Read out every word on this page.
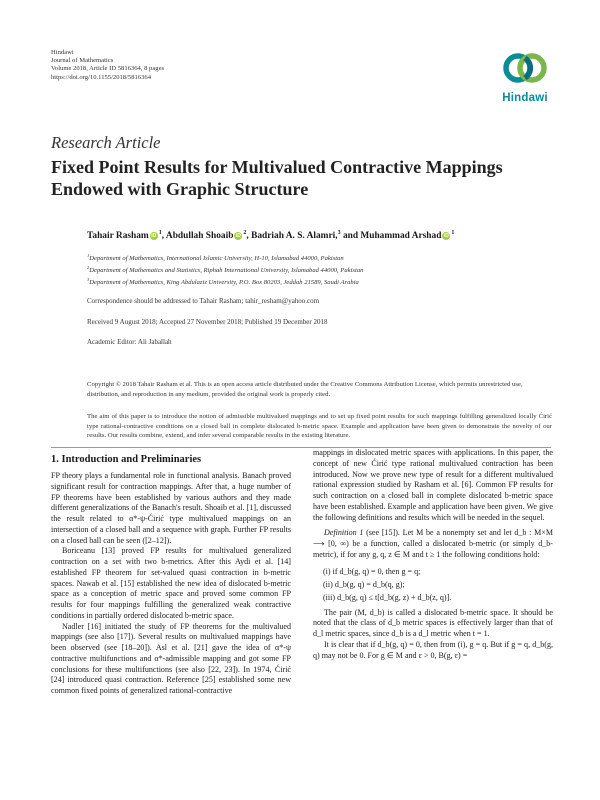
Hindawi
Journal of Mathematics
Volume 2018, Article ID 5816364, 8 pages
https://doi.org/10.1155/2018/5816364
Hindawi
Research Article
Fixed Point Results for Multivalued Contractive Mappings Endowed with Graphic Structure
Tahair Rasham $iD^1$, Abdullah Shoaib $iD^2$, Badriah A. S. Alamri,$^3$ and Muhammad Arshad $iD^1$
$^1$Department of Mathematics, International Islamic University, H-10, Islamabad 44000, Pakistan
$^2$Department of Mathematics and Statistics, Riphah International University, Islamabad 44000, Pakistan
$^3$Department of Mathematics, King Abdulaziz University, P.O. Box 80203, Jeddah 21589, Saudi Arabia
Correspondence should be addressed to Tahair Rasham; tahir_resham@yahoo.com
Received 9 August 2018; Accepted 27 November 2018; Published 19 December 2018
Academic Editor: Ali Jaballah
Copyright © 2018 Tahair Rasham et al. This is an open access article distributed under the Creative Commons Attribution License, which permits unrestricted use, distribution, and reproduction in any medium, provided the original work is properly cited.
The aim of this paper is to introduce the notion of admissible multivalued mappings and to set up fixed point results for such mappings fulfilling generalized locally Ćirić type rational-contractive conditions on a closed ball in complete dislocated b-metric space. Example and application have been given to demonstrate the novelty of our results. Our results combine, extend, and infer several comparable results in the existing literature.
1. Introduction and Preliminaries

FP theory plays a fundamental role in functional analysis. Banach proved significant result for contraction mappings. After that, a huge number of FP theorems have been established by various authors and they made different generalizations of the Banach's result. Shoaib et al. [1], discussed the result related to α*-ψ-Ćirić type multivalued mappings on an intersection of a closed ball and a sequence with graph. Further FP results on a closed ball can be seen ([2–12]).

Boriceanu [13] proved FP results for multivalued generalized contraction on a set with two b-metrics. After this Aydi et al. [14] established FP theorem for set-valued quasi contraction in b-metric spaces. Nawab et al. [15] established the new idea of dislocated b-metric space as a conception of metric space and proved some common FP results for four mappings fulfilling the generalized weak contractive conditions in partially ordered dislocated b-metric space.

Nadler [16] initiated the study of FP theorems for the multivalued mappings (see also [17]). Several results on multivalued mappings have been observed (see [18–20]). Asl et al. [21] gave the idea of α*-ψ contractive multifunctions and α*-admissible mapping and got some FP conclusions for these multifunctions (see also [22, 23]). In 1974, Ćirić [24] introduced quasi contraction. Reference [25] established some new common fixed points of generalized rational-contractive

mappings in dislocated metric spaces with applications. In this paper, the concept of new Ćirić type rational multivalued contraction has been introduced. Now we prove new type of result for a different multivalued rational expression studied by Rasham et al. [6]. Common FP results for such contraction on a closed ball in complete dislocated b-metric space have been established. Example and application have been given. We give the following definitions and results which will be needed in the sequel.

Definition 1 (see [15]). Let M be a nonempty set and let d_b : M×M ⟶ [0, ∞) be a function, called a dislocated b-metric (or simply d_b-metric), if for any g, q, z ∈ M and t ≥ 1 the following conditions hold:

(i) if d_b(g, q) = 0, then g = q;
(ii) d_b(g, q) = d_b(q, g);
(iii) d_b(g, q) ≤ t[d_b(g, z) + d_b(z, q)].

The pair (M, d_b) is called a dislocated b-metric space. It should be noted that the class of d_b metric spaces is effectively larger than that of d_l metric spaces, since d_b is a d_l metric when t = 1.

It is clear that if d_b(g, q) = 0, then from (i), g = q. But if g = q, d_b(g, q) may not be 0. For g ∈ M and ε > 0, B(g, ε) =
